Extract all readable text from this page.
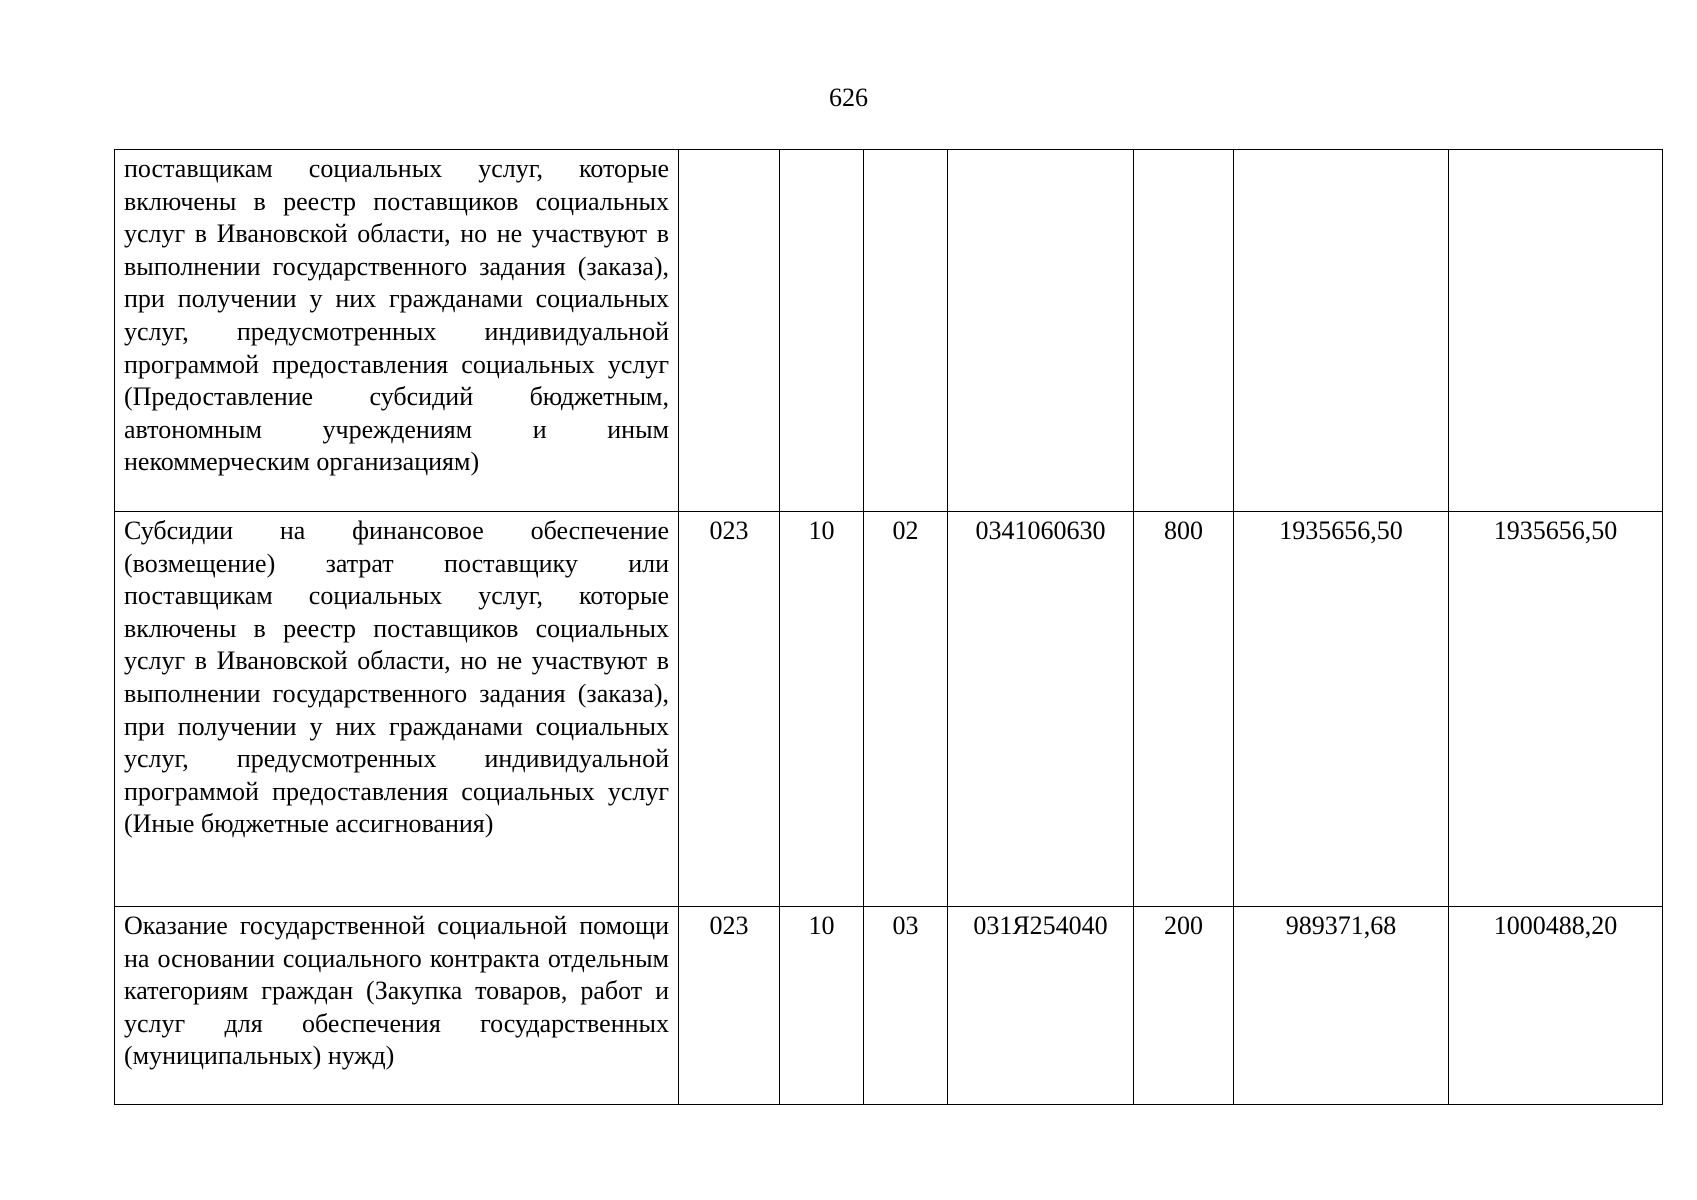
626
поставщикам социальных услуг, которые включены в реестр поставщиков социальных услуг в Ивановской области, но не участвуют в выполнении государственного задания (заказа), при получении у них гражданами социальных услуг, предусмотренных индивидуальной программой предоставления социальных услуг (Предоставление субсидий бюджетным, автономным учреждениям и иным некоммерческим организациям)							
Субсидии на финансовое обеспечение (возмещение) затрат поставщику или поставщикам социальных услуг, которые включены в реестр поставщиков социальных услуг в Ивановской области, но не участвуют в выполнении государственного задания (заказа), при получении у них гражданами социальных услуг, предусмотренных индивидуальной программой предоставления социальных услуг (Иные бюджетные ассигнования)	023	10	02	0341060630	800	1935656,50	1935656,50
Оказание государственной социальной помощи на основании социального контракта отдельным категориям граждан (Закупка товаров, работ и услуг для обеспечения государственных (муниципальных) нужд)	023	10	03	031Я254040	200	989371,68	1000488,20
